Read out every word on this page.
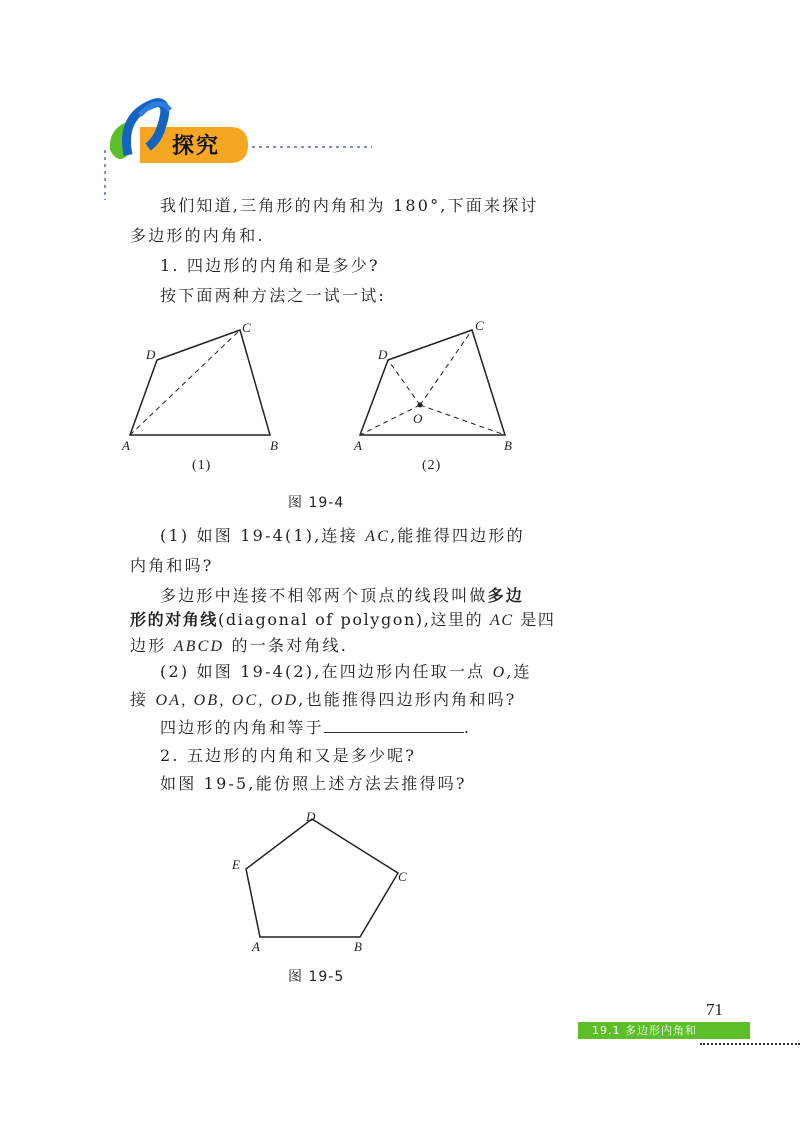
探究
我们知道,三角形的内角和为 180°,下面来探讨
多边形的内角和.
1. 四边形的内角和是多少?
按下面两种方法之一试一试:
A	B
C
D
A	B
C
D
O
(1)	(2)
图 19-4
(1) 如图 19-4(1),连接 AC,能推得四边形的
内角和吗?
多边形中连接不相邻两个顶点的线段叫做多边
形的对角线(diagonal of polygon),这里的 AC 是四
边形 ABCD 的一条对角线.
(2) 如图 19-4(2),在四边形内任取一点 O,连
接 OA, OB, OC, OD,也能推得四边形内角和吗?
四边形的内角和等于	.
2. 五边形的内角和又是多少呢?
如图 19-5,能仿照上述方法去推得吗?
A	B
C
D
E
图 19-5
71
19.1 多边形内角和
